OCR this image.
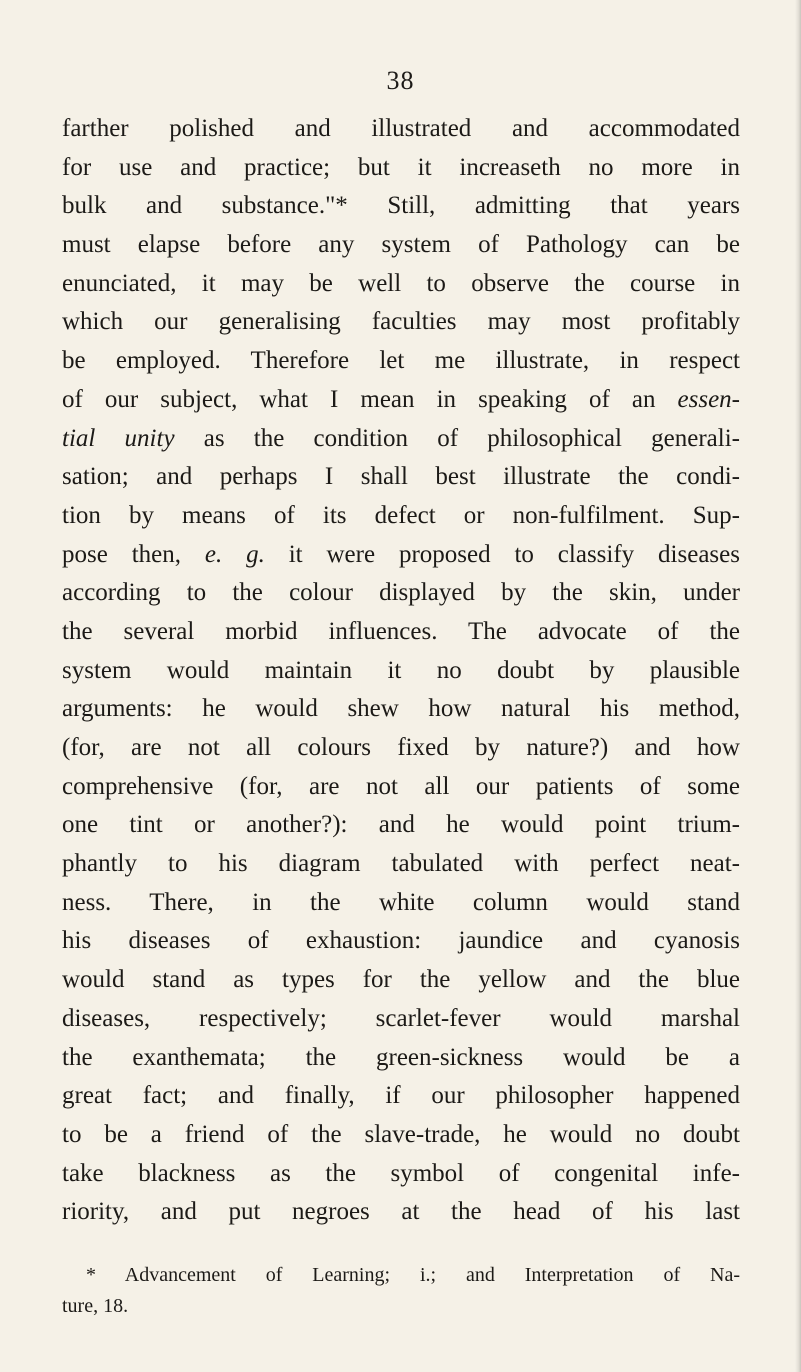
38
farther polished and illustrated and accommodated
for use and practice; but it increaseth no more in
bulk and substance."* Still, admitting that years
must elapse before any system of Pathology can be
enunciated, it may be well to observe the course in
which our generalising faculties may most profitably
be employed. Therefore let me illustrate, in respect
of our subject, what I mean in speaking of an essen-
tial unity as the condition of philosophical generali-
sation; and perhaps I shall best illustrate the condi-
tion by means of its defect or non-fulfilment. Sup-
pose then, e. g. it were proposed to classify diseases
according to the colour displayed by the skin, under
the several morbid influences. The advocate of the
system would maintain it no doubt by plausible
arguments: he would shew how natural his method,
(for, are not all colours fixed by nature?) and how
comprehensive (for, are not all our patients of some
one tint or another?): and he would point trium-
phantly to his diagram tabulated with perfect neat-
ness. There, in the white column would stand
his diseases of exhaustion: jaundice and cyanosis
would stand as types for the yellow and the blue
diseases, respectively; scarlet-fever would marshal
the exanthemata; the green-sickness would be a
great fact; and finally, if our philosopher happened
to be a friend of the slave-trade, he would no doubt
take blackness as the symbol of congenital infe-
riority, and put negroes at the head of his last
* Advancement of Learning; i.; and Interpretation of Na-
ture, 18.
